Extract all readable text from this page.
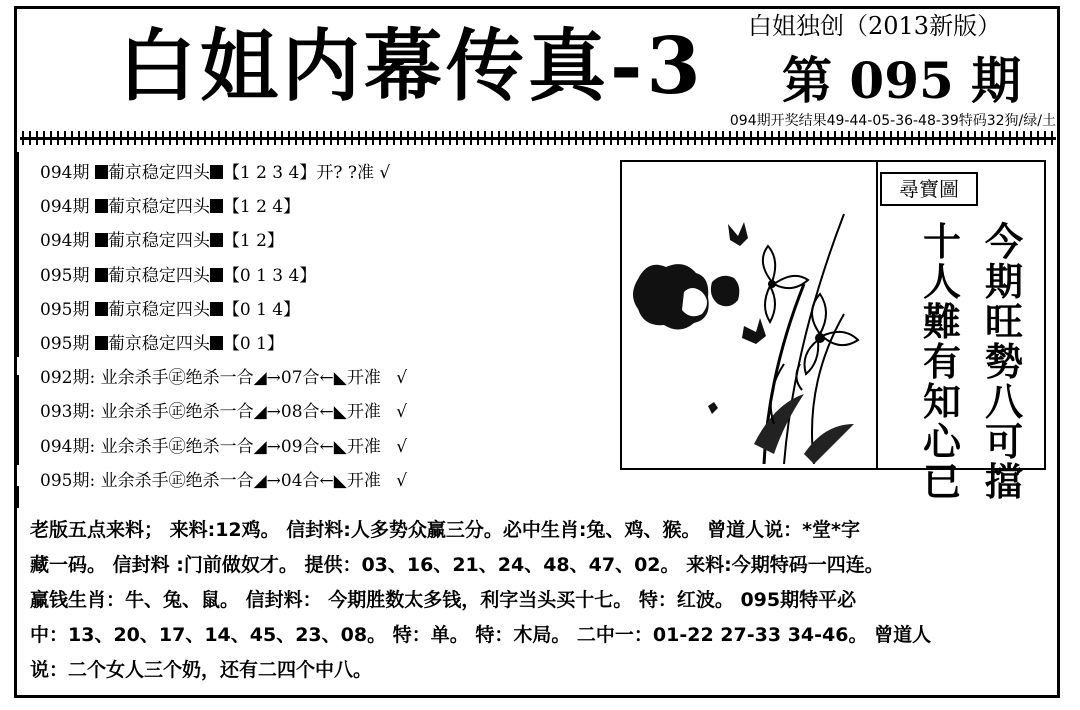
白姐内幕传真-3 白姐独创（2013新版）
第 095 期
094期开奖结果49-44-05-36-48-39特码32狗/绿/土
094期 葡京稳定四头 【1 2 3 4】开? ?准 √
094期 葡京稳定四头 【1 2 4】
094期 葡京稳定四头 【1 2】
095期 葡京稳定四头 【0 1 3 4】
095期 葡京稳定四头 【0 1 4】
095期 葡京稳定四头 【0 1】
092期: 业余杀手㊣绝杀一合◢→07合←◣开准 √
093期: 业余杀手㊣绝杀一合◢→08合←◣开准 √
094期: 业余杀手㊣绝杀一合◢→09合←◣开准 √
095期: 业余杀手㊣绝杀一合◢→04合←◣开准 √
尋寶圖
今期旺勢八可擋
十人難有知心已

老版五点来料； 来料:12鸡。 信封料:人多势众赢三分。必中生肖:兔、鸡、猴。 曾道人说：*堂*字

藏一码。 信封料 :门前做奴才。 提供：03、16、21、24、48、47、02。 来料:今期特码一四连。

赢钱生肖：牛、兔、鼠。 信封料： 今期胜数太多钱，利字当头买十七。 特：红波。 095期特平必

中：13、20、17、14、45、23、08。 特：单。 特：木局。 二中一：01-22 27-33 34-46。 曾道人

说：二个女人三个奶，还有二四个中八。
